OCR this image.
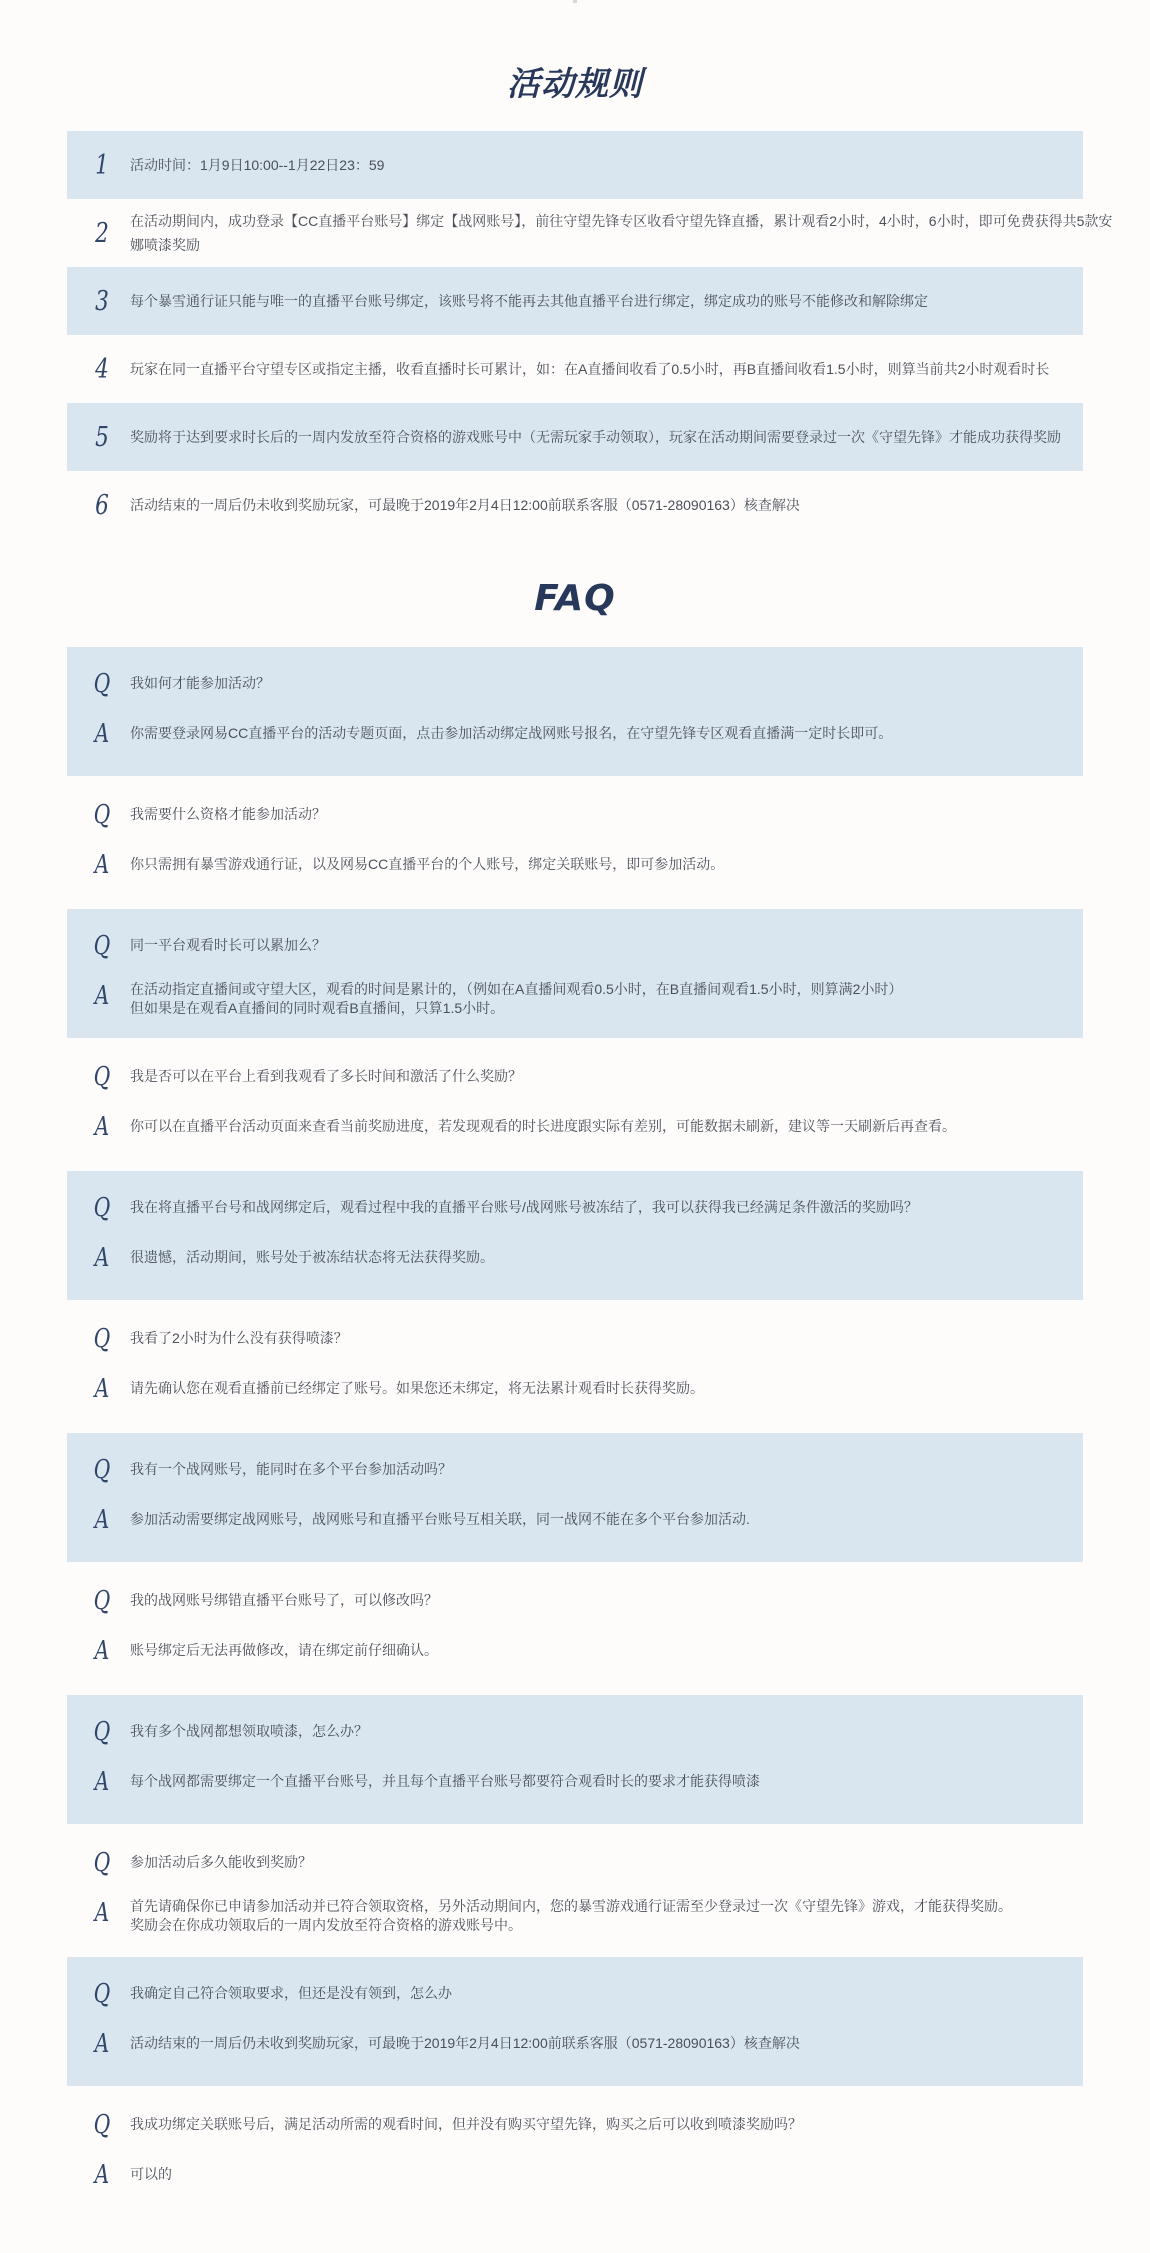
活动规则
1	活动时间：1月9日10:00--1月22日23：59
2	在活动期间内，成功登录【CC直播平台账号】绑定【战网账号】，前往守望先锋专区收看守望先锋直播，累计观看2小时，4小时，6小时，即可免费获得共5款安娜喷漆奖励
3	每个暴雪通行证只能与唯一的直播平台账号绑定，该账号将不能再去其他直播平台进行绑定，绑定成功的账号不能修改和解除绑定
4	玩家在同一直播平台守望专区或指定主播，收看直播时长可累计，如：在A直播间收看了0.5小时，再B直播间收看1.5小时，则算当前共2小时观看时长
5	奖励将于达到要求时长后的一周内发放至符合资格的游戏账号中（无需玩家手动领取），玩家在活动期间需要登录过一次《守望先锋》才能成功获得奖励
6	活动结束的一周后仍未收到奖励玩家，可最晚于2019年2月4日12:00前联系客服（0571-28090163）核查解决
FAQ
Q 我如何才能参加活动？
A	你需要登录网易CC直播平台的活动专题页面，点击参加活动绑定战网账号报名，在守望先锋专区观看直播满一定时长即可。
Q 我需要什么资格才能参加活动？
A	你只需拥有暴雪游戏通行证，以及网易CC直播平台的个人账号，绑定关联账号，即可参加活动。
Q 同一平台观看时长可以累加么？
A	在活动指定直播间或守望大区，观看的时间是累计的，（例如在A直播间观看0.5小时，在B直播间观看1.5小时，则算满2小时）
但如果是在观看A直播间的同时观看B直播间，只算1.5小时。
Q 我是否可以在平台上看到我观看了多长时间和激活了什么奖励？
A	你可以在直播平台活动页面来查看当前奖励进度，若发现观看的时长进度跟实际有差别，可能数据未刷新，建议等一天刷新后再查看。
Q 我在将直播平台号和战网绑定后，观看过程中我的直播平台账号/战网账号被冻结了，我可以获得我已经满足条件激活的奖励吗？
A	很遗憾，活动期间，账号处于被冻结状态将无法获得奖励。
Q 我看了2小时为什么没有获得喷漆？
A	请先确认您在观看直播前已经绑定了账号。如果您还未绑定，将无法累计观看时长获得奖励。
Q 我有一个战网账号，能同时在多个平台参加活动吗？
A	参加活动需要绑定战网账号，战网账号和直播平台账号互相关联，同一战网不能在多个平台参加活动.
Q 我的战网账号绑错直播平台账号了，可以修改吗？
A	账号绑定后无法再做修改，请在绑定前仔细确认。
Q 我有多个战网都想领取喷漆，怎么办？
A	每个战网都需要绑定一个直播平台账号，并且每个直播平台账号都要符合观看时长的要求才能获得喷漆
Q 参加活动后多久能收到奖励？
A	首先请确保你已申请参加活动并已符合领取资格，另外活动期间内，您的暴雪游戏通行证需至少登录过一次《守望先锋》游戏，才能获得奖励。
奖励会在你成功领取后的一周内发放至符合资格的游戏账号中。
Q 我确定自己符合领取要求，但还是没有领到，怎么办
A	活动结束的一周后仍未收到奖励玩家，可最晚于2019年2月4日12:00前联系客服（0571-28090163）核查解决
Q 我成功绑定关联账号后，满足活动所需的观看时间，但并没有购买守望先锋，购买之后可以收到喷漆奖励吗？
A	可以的
